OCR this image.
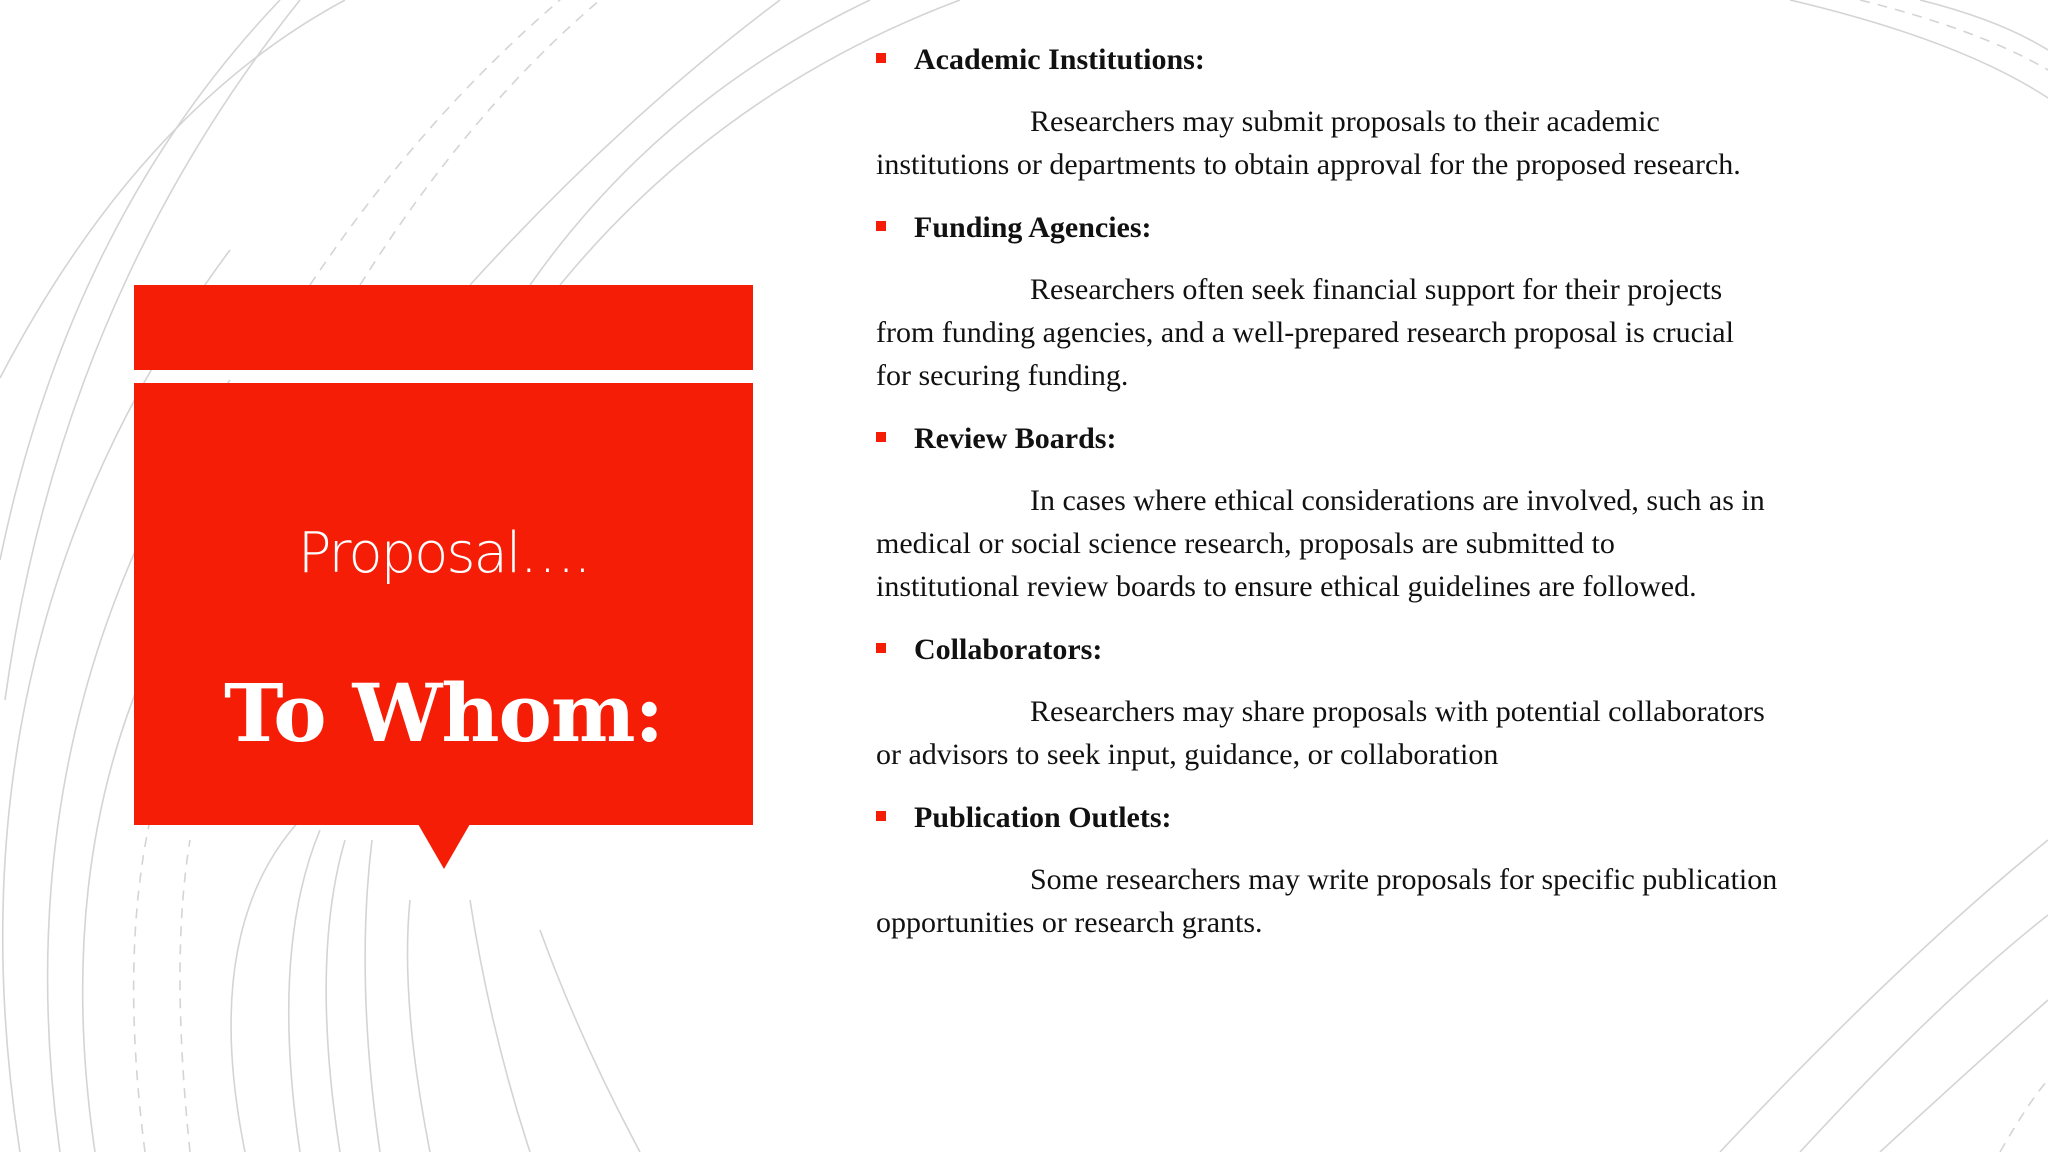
Proposal….
To Whom:
Academic Institutions:
Researchers may submit proposals to their academic
institutions or departments to obtain approval for the proposed research.
Funding Agencies:
Researchers often seek financial support for their projects
from funding agencies, and a well-prepared research proposal is crucial
for securing funding.
Review Boards:
In cases where ethical considerations are involved, such as in
medical or social science research, proposals are submitted to
institutional review boards to ensure ethical guidelines are followed.
Collaborators:
Researchers may share proposals with potential collaborators
or advisors to seek input, guidance, or collaboration
Publication Outlets:
Some researchers may write proposals for specific publication
opportunities or research grants.
